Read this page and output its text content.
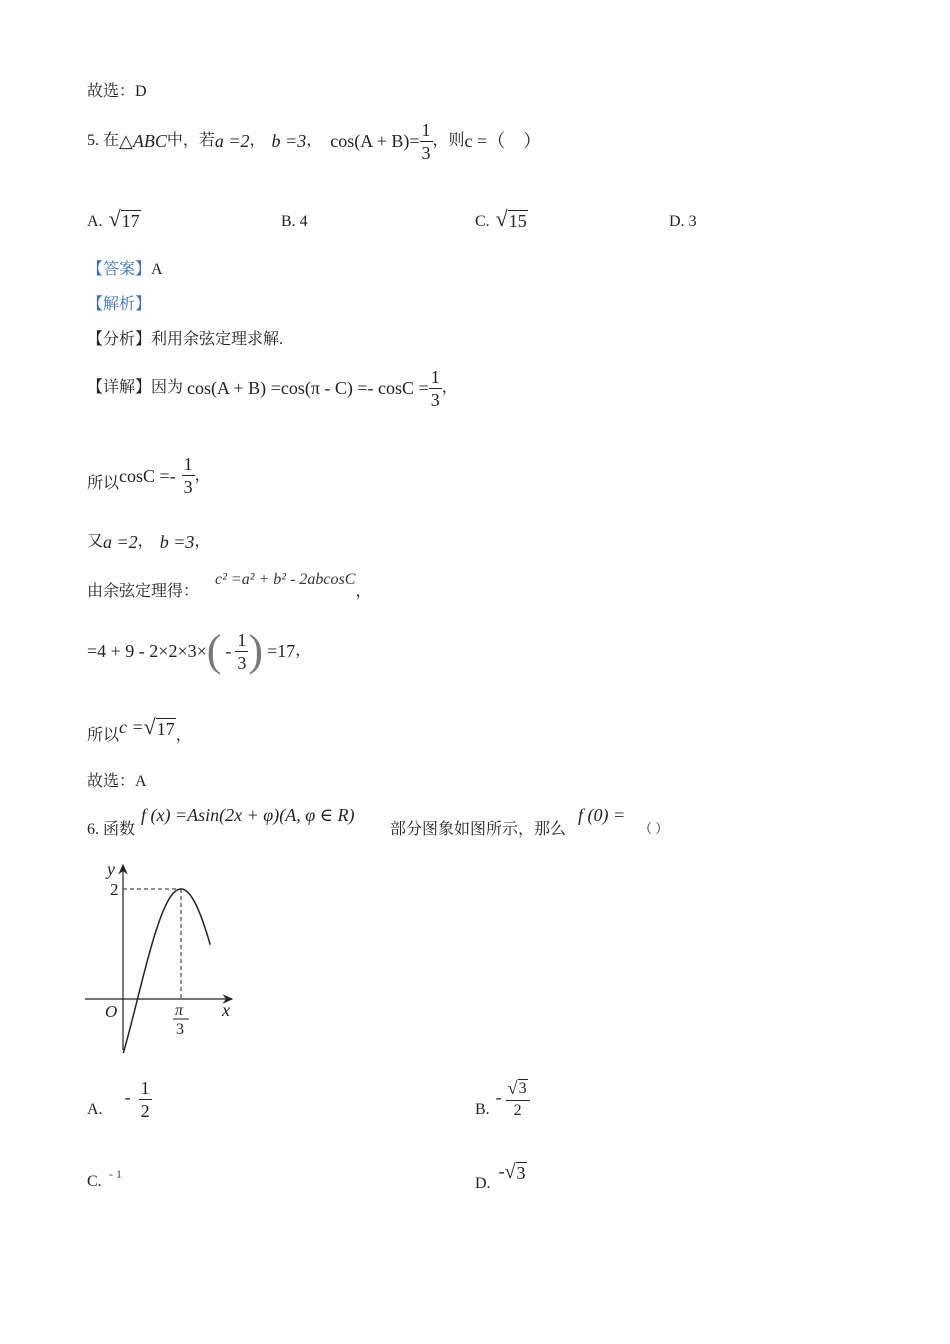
故选：D
5.
在 △ABC 中，若 a =2 ， b =3 ， $\cos(A + B) = \frac{1}{3}$ ，则 c =（　）
A. √ 17	B. 4	C. √ 15	D. 3
【答案】A
【解析】
【分析】利用余弦定理求解.
【详解】 因为 $\cos(A + B) =\cos(\pi - C) =- \cos C = \frac{1}{3}$ ，
所以 $\cos C =- \frac{1}{3}$ ，
又 a =2 ， b =3 ，
由余弦定理得：
c² =a² + b² - 2abcosC
，
=4 + 9 - 2×2×3× ( - $\frac{1}{3}$ ) =17 ，
所以 c = √ 17 ，
故选：A
6. 函数
f (x) =Asin(2x + φ)(A, φ ∈ R)
部分图象如图所示，那么
f (0) =
（ ）
y
x
O
2
π
3
A.
- $\frac{1}{2}$	B.
- $\frac{√ 3}{2}$
C. - 1
D.
- √ 3
